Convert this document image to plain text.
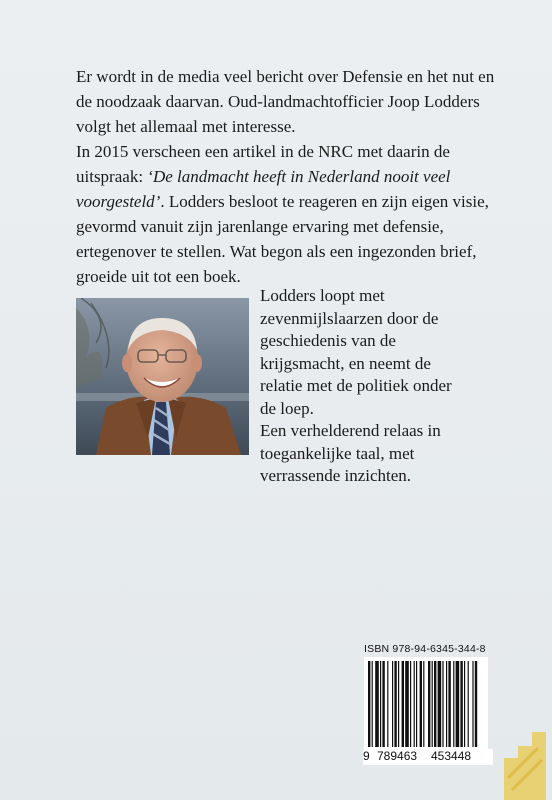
Er wordt in de media veel bericht over Defensie en het nut en de noodzaak daarvan. Oud-landmachtofficier Joop Lodders volgt het allemaal met interesse.

In 2015 verscheen een artikel in de NRC met daarin de uitspraak: ‘De landmacht heeft in Nederland nooit veel voorgesteld’. Lodders besloot te reageren en zijn eigen visie, gevormd vanuit zijn jarenlange ervaring met defensie, ertegenover te stellen. Wat begon als een ingezonden brief, groeide uit tot een boek.

Lodders loopt met zevenmijlslaarzen door de geschiedenis van de krijgsmacht, en neemt de relatie met de politiek onder de loep.

Een verhelderend relaas in toegankelijke taal, met verrassende inzichten.

ISBN 978-94-6345-344-8
9 789463 453448
